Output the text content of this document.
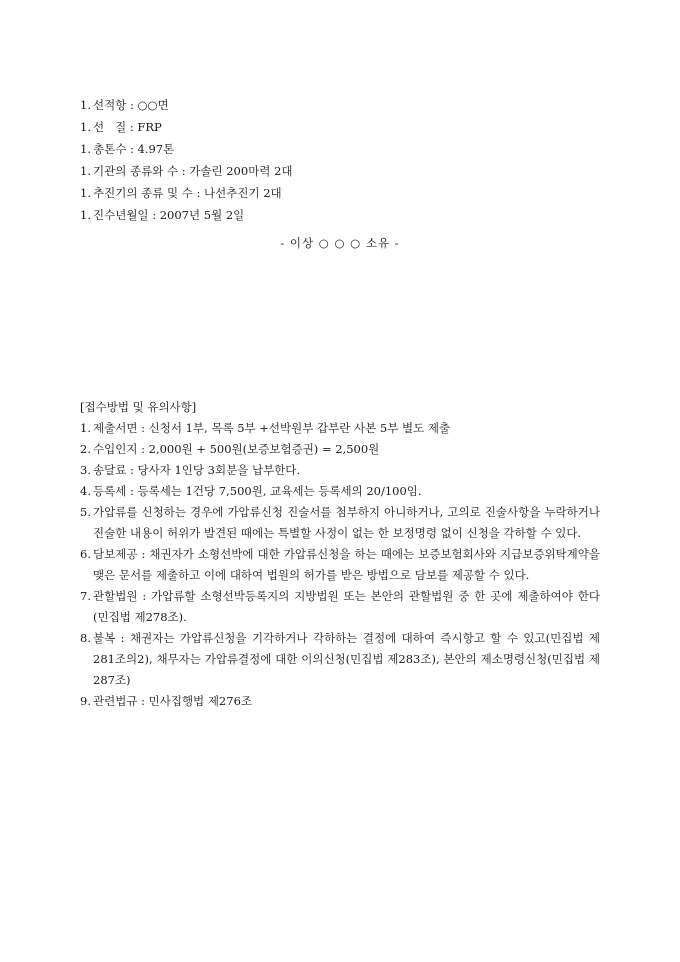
1. 선적항 : ○○면
1. 선   질 : FRP
1. 총톤수 : 4.97톤
1. 기관의 종류와 수 : 가솔린 200마력 2대
1. 추진기의 종류 및 수 : 나선추진기 2대
1. 진수년월일 : 2007년 5월 2일
- 이상 ○ ○ ○ 소유 -
[접수방법 및 유의사항]
1. 제출서면 : 신청서 1부, 목록 5부 +선박원부 갑부란 사본 5부 별도 제출
2. 수입인지 : 2,000원 + 500원(보증보험증권) = 2,500원
3. 송달료 : 당사자 1인당 3회분을 납부한다.
4. 등록세 : 등록세는 1건당 7,500원, 교육세는 등록세의 20/100임.
5. 가압류를 신청하는 경우에 가압류신청 진술서를 첨부하지 아니하거나, 고의로 진술사항을 누락하거나 진술한 내용이 허위가 발견된 때에는 특별할 사정이 없는 한 보정명령 없이 신청을 각하할 수 있다.
6. 담보제공 : 채권자가 소형선박에 대한 가압류신청을 하는 때에는 보증보험회사와 지급보증위탁계약을 맺은 문서를 제출하고 이에 대하여 법원의 허가를 받은 방법으로 담보를 제공할 수 있다.
7. 관할법원 : 가압류할 소형선박등록지의 지방법원 또는 본안의 관할법원 중 한 곳에 제출하여야 한다(민집법 제278조).
8. 불복 : 채권자는 가압류신청을 기각하거나 각하하는 결정에 대하여 즉시항고 할 수 있고(민집법 제281조의2), 채무자는 가압류결정에 대한 이의신청(민집법 제283조), 본안의 제소명령신청(민집법 제287조)
9. 관련법규 : 민사집행법 제276조
